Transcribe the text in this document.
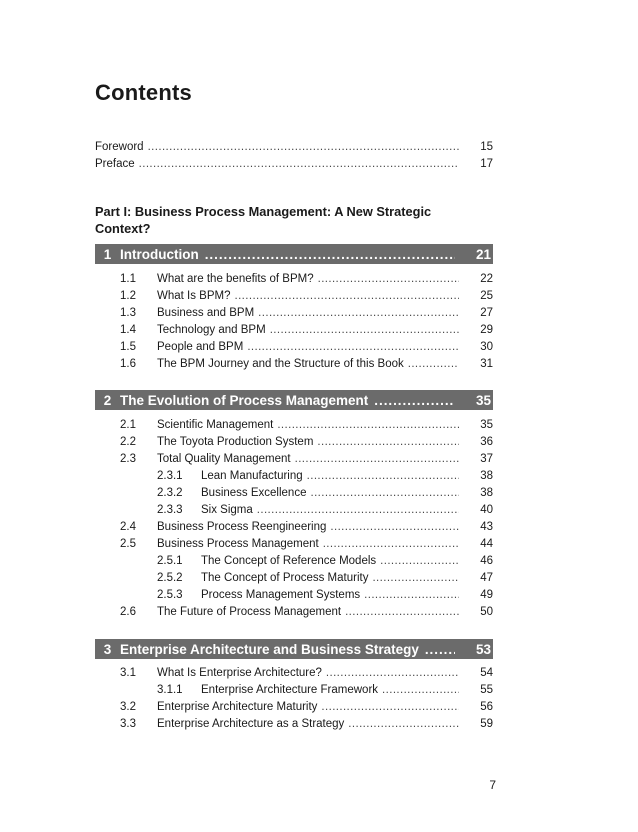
Contents
Foreword . . .	15
Preface . . .	17
Part I: Business Process Management: A New Strategic Context?
1 Introduction . . .	21
1.1	What are the benefits of BPM? . . .	22
1.2	What Is BPM? . . .	25
1.3	Business and BPM . . .	27
1.4	Technology and BPM . . .	29
1.5	People and BPM . . .	30
1.6	The BPM Journey and the Structure of this Book . . .	31
2 The Evolution of Process Management . . .	35
2.1	Scientific Management . . .	35
2.2	The Toyota Production System . . .	36
2.3	Total Quality Management . . .	37
2.3.1	Lean Manufacturing . . .	38
2.3.2	Business Excellence . . .	38
2.3.3	Six Sigma . . .	40
2.4	Business Process Reengineering . . .	43
2.5	Business Process Management . . .	44
2.5.1	The Concept of Reference Models . . .	46
2.5.2	The Concept of Process Maturity . . .	47
2.5.3	Process Management Systems . . .	49
2.6	The Future of Process Management . . .	50
3 Enterprise Architecture and Business Strategy . . .	53
3.1	What Is Enterprise Architecture? . . .	54
3.1.1	Enterprise Architecture Framework . . .	55
3.2	Enterprise Architecture Maturity . . .	56
3.3	Enterprise Architecture as a Strategy . . .	59
7
